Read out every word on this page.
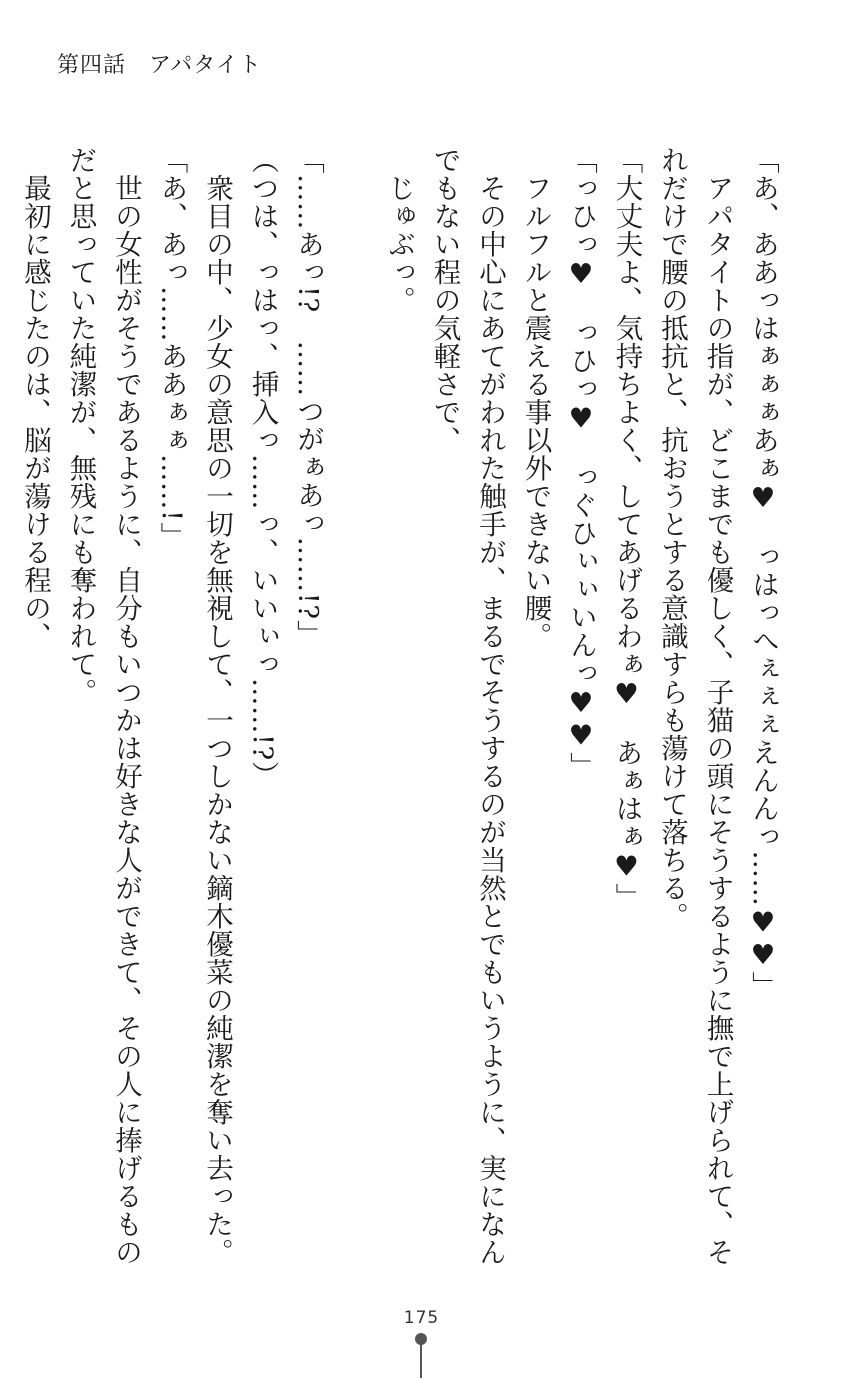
第四話　アパタイト

「あ、ああっはぁぁぁあぁ♥　っはっへぇぇぇえんんっ……♥♥」

　アパタイトの指が、どこまでも優しく、子猫の頭にそうするように撫で上げられて、そ

れだけで腰の抵抗と、抗おうとする意識すらも蕩けて落ちる。

「大丈夫よ、気持ちよく、してあげるわぁ♥　あぁはぁ♥」

「っひっ♥　っひっ♥　っぐひぃぃいんっ♥♥」

　フルフルと震える事以外できない腰。

　その中心にあてがわれた触手が、まるでそうするのが当然とでもいうように、実になん

でもない程の気軽さで、

　じゅぶっ。

「……あっ!?　……つがぁあっ……!?」

（つは、っはっ、挿入っ……っ、いいぃっ……!?）

　衆目の中、少女の意思の一切を無視して、一つしかない鏑木優菜の純潔を奪い去った。

「あ、あっ……ああぁぁ……!」

　世の女性がそうであるように、自分もいつかは好きな人ができて、その人に捧げるもの

だと思っていた純潔が、無残にも奪われて。

　最初に感じたのは、脳が蕩ける程の、

175
